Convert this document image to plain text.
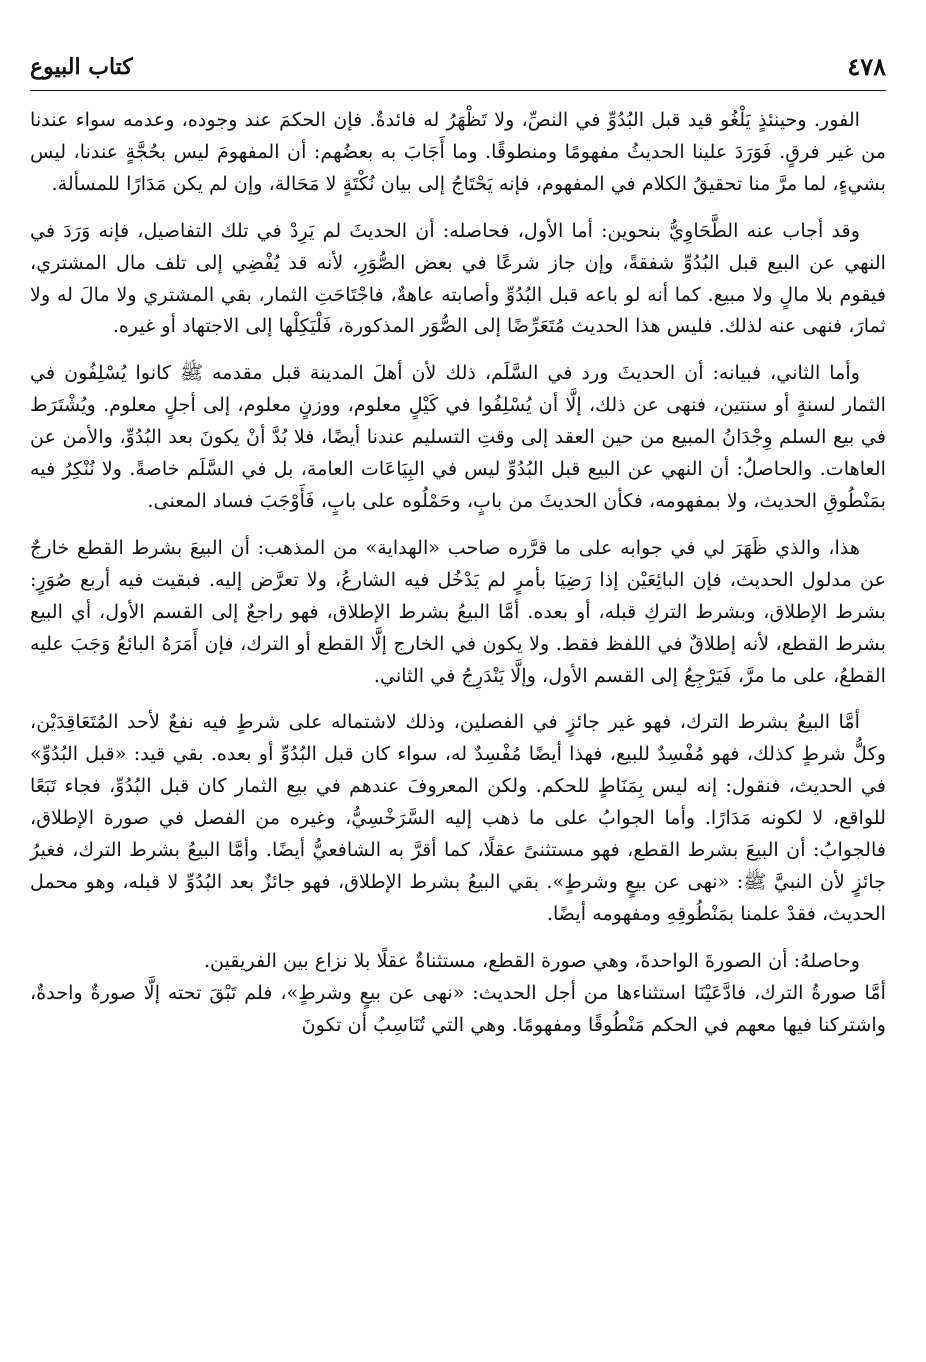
٤٧٨
كتاب البيوع

الفور. وحينئذٍ يَلْغُو قيد قبل البُدُوِّ في النصِّ، ولا تَظْهَرُ له فائدةٌ. فإن الحكمَ عند وجوده، وعدمه سواء عندنا من غير فرقٍ. فَوَرَدَ علينا الحديثُ مفهومًا ومنطوقًا. وما أَجَابَ به بعضُهم: أن المفهومَ ليس بحُجَّةٍ عندنا، ليس بشيءٍ، لما مرَّ منا تحقيقُ الكلام في المفهوم، فإنه يَحْتَاجُ إلى بيان نُكْتَةٍ لا مَحَالة، وإن لم يكن مَدَارًا للمسألة.

وقد أجاب عنه الطَّحَاوِيُّ بنحوين: أما الأول، فحاصله: أن الحديثَ لم يَرِدْ في تلك التفاصيل، فإنه وَرَدَ في النهي عن البيع قبل البُدُوِّ شفقةً، وإن جاز شرعًا في بعض الصُّوَرِ، لأنه قد يُفْضِي إلى تلف مال المشتري، فيقوم بلا مالٍ ولا مبيع. كما أنه لو باعه قبل البُدُوِّ وأصابته عاهةٌ، فاجْتَاحَتِ الثمار، بقي المشتري ولا مالَ له ولا ثمارَ، فنهى عنه لذلك. فليس هذا الحديث مُتَعَرِّضًا إلى الصُّوَر المذكورة، فَلْيَكِلْها إلى الاجتهاد أو غيره.

وأما الثاني، فبيانه: أن الحديثَ ورد في السَّلَم، ذلك لأن أهلَ المدينة قبل مقدمه ﷺ كانوا يُسْلِفُون في الثمار لسنةٍ أو سنتين، فنهى عن ذلك، إلَّا أن يُسْلِفُوا في كَيْلٍ معلوم، ووزنٍ معلوم، إلى أجلٍ معلوم. ويُشْتَرَط في بيع السلم وِجْدَانُ المبيع من حين العقد إلى وقتِ التسليم عندنا أيضًا، فلا بُدَّ أنْ يكونَ بعد البُدُوِّ، والأمن عن العاهات. والحاصلُ: أن النهي عن البيع قبل البُدُوِّ ليس في البِيَاعَات العامة، بل في السَّلَم خاصةً. ولا نُنْكِرُ فيه بمَنْطُوقِ الحديث، ولا بمفهومه، فكأن الحديثَ من بابٍ، وحَمْلُوه على بابٍ، فَأَوْجَبَ فساد المعنى.

هذا، والذي ظَهَرَ لي في جوابه على ما قرَّره صاحب «الهداية» من المذهب: أن البيعَ بشرط القطع خارجٌ عن مدلول الحديث، فإن البائِعَيْن إذا رَضِيَا بأمرٍ لم يَدْخُل فيه الشارعُ، ولا تعرَّض إليه. فبقيت فيه أربع صُوَرٍ: بشرط الإطلاق، وبشرط التركِ قبله، أو بعده. أمَّا البيعُ بشرط الإطلاق، فهو راجعٌ إلى القسم الأول، أي البيع بشرط القطع، لأنه إطلاقٌ في اللفظ فقط. ولا يكون في الخارج إلَّا القطع أو الترك، فإن أَمَرَهُ البائعُ وَجَبَ عليه القطعُ، على ما مرَّ، فَيَرْجِعُ إلى القسم الأول، وإلَّا يَنْدَرِجُ في الثاني.

أمَّا البيعُ بشرط الترك، فهو غير جائزٍ في الفصلين، وذلك لاشتماله على شرطٍ فيه نفعٌ لأحد المُتَعَاقِدَيْن، وكلُّ شرطٍ كذلك، فهو مُفْسِدٌ للبيع، فهذا أيضًا مُفْسِدٌ له، سواء كان قبل البُدُوِّ أو بعده. بقي قيد: «قبل البُدُوِّ» في الحديث، فنقول: إنه ليس بِمَنَاطٍ للحكم. ولكن المعروفَ عندهم في بيع الثمار كان قبل البُدُوِّ، فجاء تَبَعًا للواقع، لا لكونه مَدَارًا. وأما الجوابُ على ما ذهب إليه السَّرَخْسِيُّ، وغيره من الفصل في صورة الإطلاق، فالجوابُ: أن البيعَ بشرط القطع، فهو مستثنىً عقلًا، كما أقرَّ به الشافعيُّ أيضًا. وأمَّا البيعُ بشرط الترك، فغيرُ جائزٍ لأن النبيَّ ﷺ: «نهى عن بيعٍ وشرطٍ». بقي البيعُ بشرط الإطلاق، فهو جائزٌ بعد البُدُوِّ لا قبله، وهو محمل الحديث، فقدْ علمنا بمَنْطُوقِهِ ومفهومه أيضًا.

وحاصلهُ: أن الصورةَ الواحدةَ، وهي صورة القطع، مستثناةٌ عقلًا بلا نزاع بين الفريقين.

أمَّا صورةُ الترك، فادَّعَيْنَا استثناءها من أجل الحديث: «نهى عن بيعٍ وشرطٍ»، فلم تَبْقَ تحته إلَّا صورةٌ واحدةٌ، واشتركنا فيها معهم في الحكم مَنْطُوقًا ومفهومًا. وهي التي تُنَاسِبُ أن تكونَ
